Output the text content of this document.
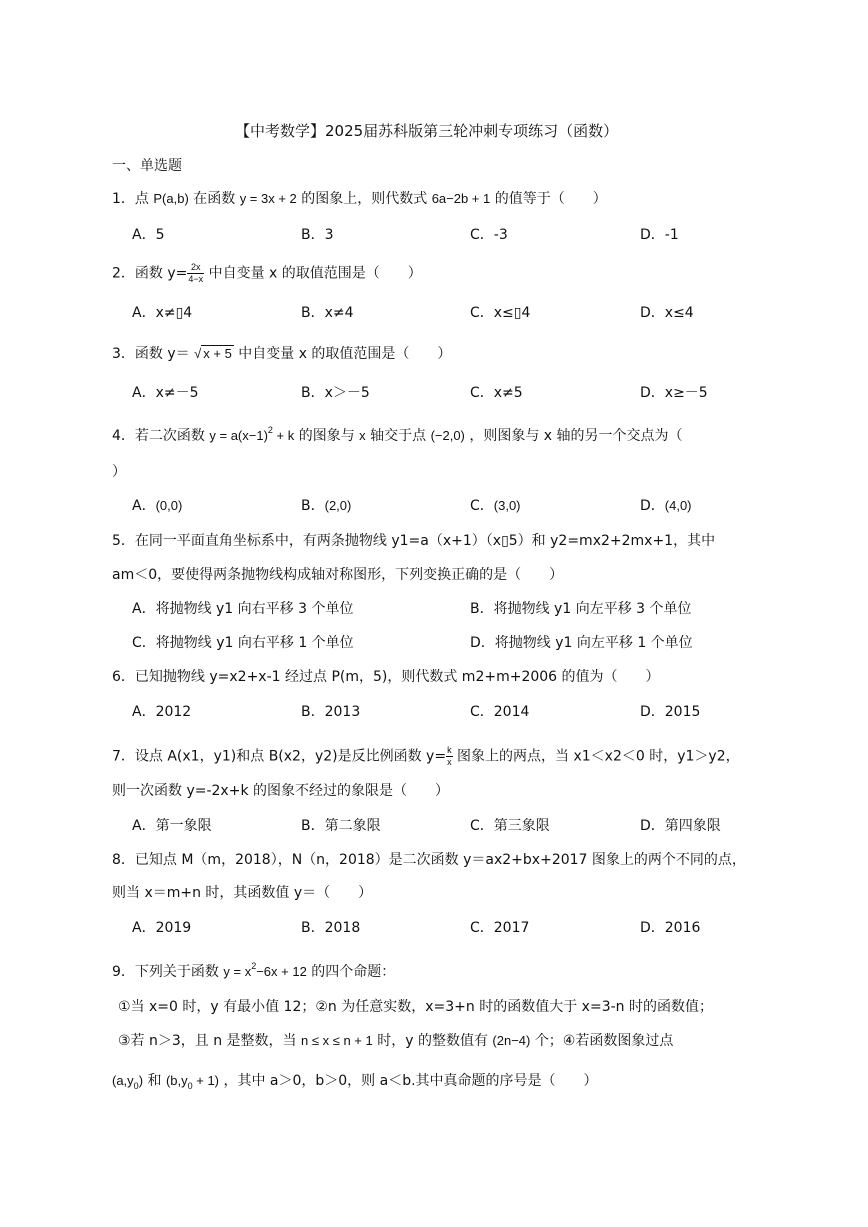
【中考数学】2025届苏科版第三轮冲刺专项练习（函数）
一、单选题
1．点 P(a,b) 在函数 y = 3x + 2 的图象上，则代数式 6a−2b + 1 的值等于（　　）
A．5	B．3	C．-3	D．-1
2．函数 $y= \frac{2x}{4-x}$ 中自变量 x 的取值范围是（　　）
A．x≠▯4	B．x≠4	C．x≤▯4	D．x≤4
3．函数 y＝ √ x + 5 中自变量 x 的取值范围是（　　）
A．x≠－5	B．x＞－5	C．x≠5	D．x≥－5
4．若二次函数 $y = a(x-1)^2 + k$ 的图象与 x 轴交于点 (−2,0) ，则图象与 x 轴的另一个交点为（
）
A．(0,0)	B．(2,0)	C．(3,0)	D．(4,0)
5．在同一平面直角坐标系中，有两条抛物线 y1=a（x+1）（x▯5）和 y2=mx2+2mx+1，其中
am＜0，要使得两条抛物线构成轴对称图形，下列变换正确的是（　　）
A．将抛物线 y1 向右平移 3 个单位	B．将抛物线 y1 向左平移 3 个单位
C．将抛物线 y1 向右平移 1 个单位	D．将抛物线 y1 向左平移 1 个单位
6．已知抛物线 y=x2+x-1 经过点 P(m，5)，则代数式 m2+m+2006 的值为（　　）
A．2012	B．2013	C．2014	D．2015
7．设点 A(x1，y1)和点 B(x2，y2)是反比例函数 $y= \frac{k}{x}$ 图象上的两点，当 x1＜x2＜0 时，y1＞y2，
则一次函数 y=-2x+k 的图象不经过的象限是（　　）
A．第一象限	B．第二象限	C．第三象限	D．第四象限
8．已知点 M（m，2018），N（n，2018）是二次函数 y＝ax2+bx+2017 图象上的两个不同的点，
则当 x＝m+n 时，其函数值 y＝（　　）
A．2019	B．2018	C．2017	D．2016
9．下列关于函数 $y = x^2-6x + 12$ 的四个命题：
①当 x=0 时，y 有最小值 12；②n 为任意实数，x=3+n 时的函数值大于 x=3-n 时的函数值；
③若 n＞3，且 n 是整数，当 n ≤ x ≤ n + 1 时，y 的整数值有 (2n−4) 个；④若函数图象过点
$(a,y_0)$ 和 $(b,y_0 + 1)$ ，其中 a＞0，b＞0，则 a＜b.其中真命题的序号是（　　）
